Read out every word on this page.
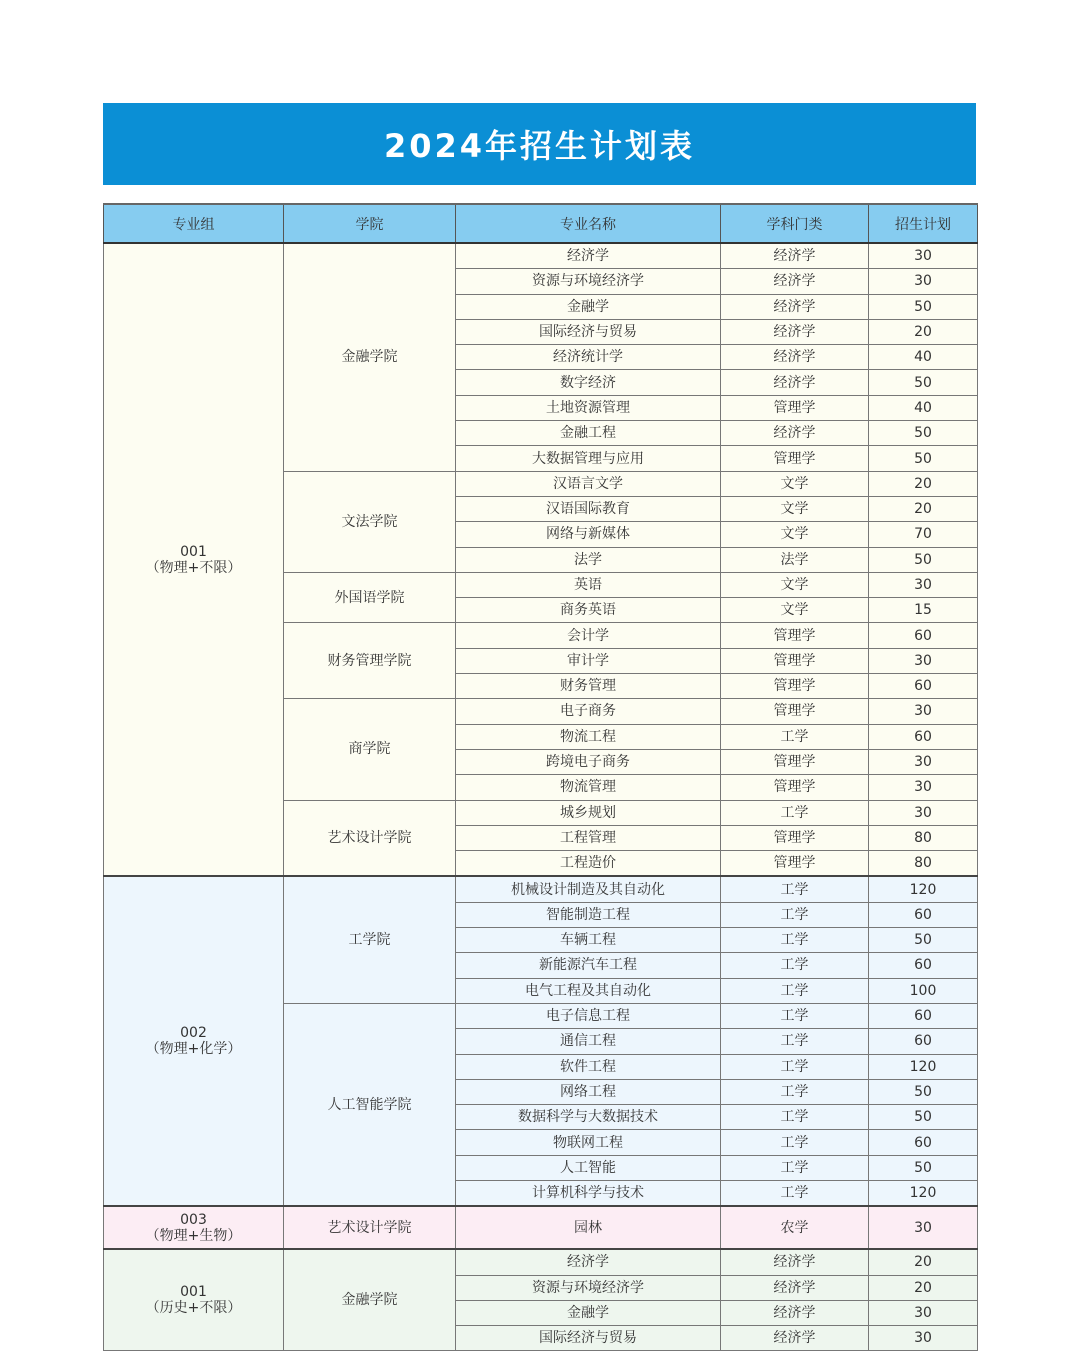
2024年招生计划表
专业组	学院	专业名称	学科门类	招生计划

001
（物理+不限）	金融学院	经济学	经济学	30
		资源与环境经济学	经济学	30
		金融学	经济学	50
		国际经济与贸易	经济学	20
		经济统计学	经济学	40
		数字经济	经济学	50
		土地资源管理	管理学	40
		金融工程	经济学	50
		大数据管理与应用	管理学	50
	文法学院	汉语言文学	文学	20
		汉语国际教育	文学	20
		网络与新媒体	文学	70
		法学	法学	50
	外国语学院	英语	文学	30
		商务英语	文学	15
	财务管理学院	会计学	管理学	60
		审计学	管理学	30
		财务管理	管理学	60
	商学院	电子商务	管理学	30
		物流工程	工学	60
		跨境电子商务	管理学	30
		物流管理	管理学	30
	艺术设计学院	城乡规划	工学	30
		工程管理	管理学	80
		工程造价	管理学	80

002
（物理+化学）	工学院	机械设计制造及其自动化	工学	120
		智能制造工程	工学	60
		车辆工程	工学	50
		新能源汽车工程	工学	60
		电气工程及其自动化	工学	100
	人工智能学院	电子信息工程	工学	60
		通信工程	工学	60
		软件工程	工学	120
		网络工程	工学	50
		数据科学与大数据技术	工学	50
		物联网工程	工学	60
		人工智能	工学	50
		计算机科学与技术	工学	120

003
（物理+生物）	艺术设计学院	园林	农学	30

001
（历史+不限）	金融学院	经济学	经济学	20
		资源与环境经济学	经济学	20
		金融学	经济学	30
		国际经济与贸易	经济学	30
